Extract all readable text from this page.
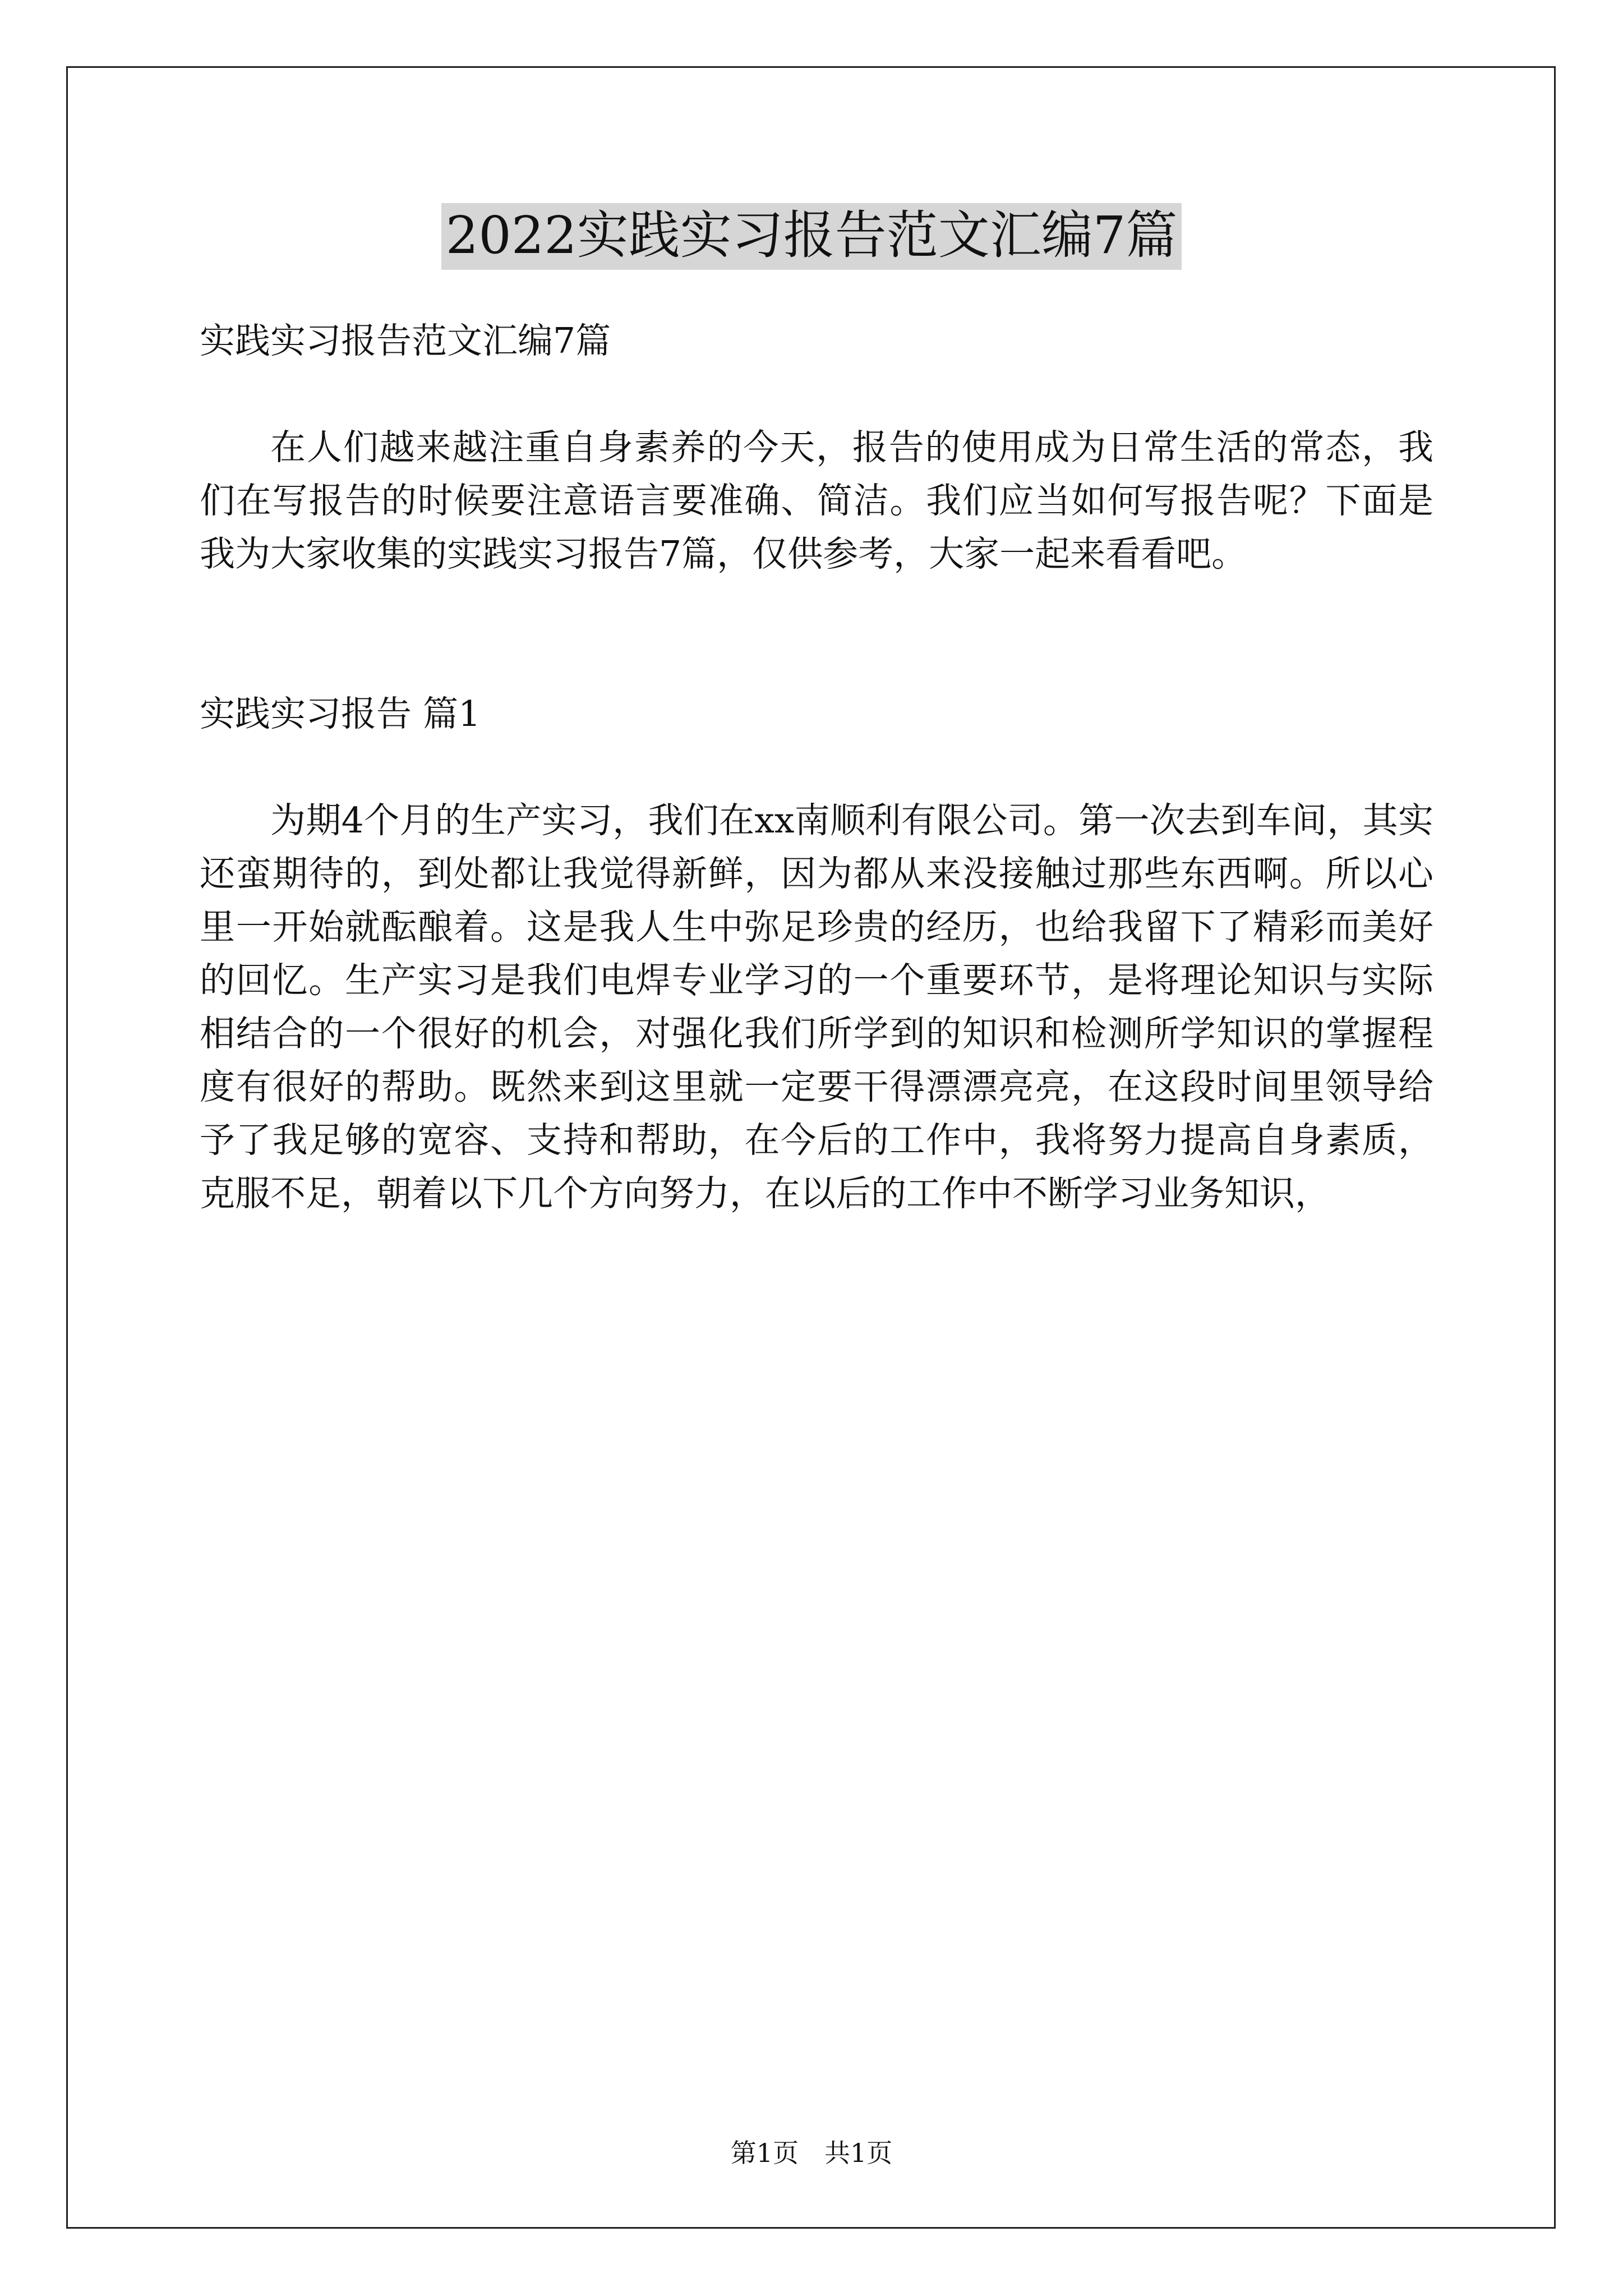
2022实践实习报告范文汇编7篇

实践实习报告范文汇编7篇

在人们越来越注重自身素养的今天，报告的使用成为日常生活的常态，我们在写报告的时候要注意语言要准确、简洁。我们应当如何写报告呢？下面是我为大家收集的实践实习报告7篇，仅供参考，大家一起来看看吧。

实践实习报告 篇1

为期4个月的生产实习，我们在xx南顺利有限公司。第一次去到车间，其实还蛮期待的，到处都让我觉得新鲜，因为都从来没接触过那些东西啊。所以心里一开始就酝酿着。这是我人生中弥足珍贵的经历，也给我留下了精彩而美好的回忆。生产实习是我们电焊专业学习的一个重要环节，是将理论知识与实际相结合的一个很好的机会，对强化我们所学到的知识和检测所学知识的掌握程度有很好的帮助。既然来到这里就一定要干得漂漂亮亮，在这段时间里领导给予了我足够的宽容、支持和帮助，在今后的工作中，我将努力提高自身素质，克服不足，朝着以下几个方向努力，在以后的工作中不断学习业务知识，

第1页 共1页
